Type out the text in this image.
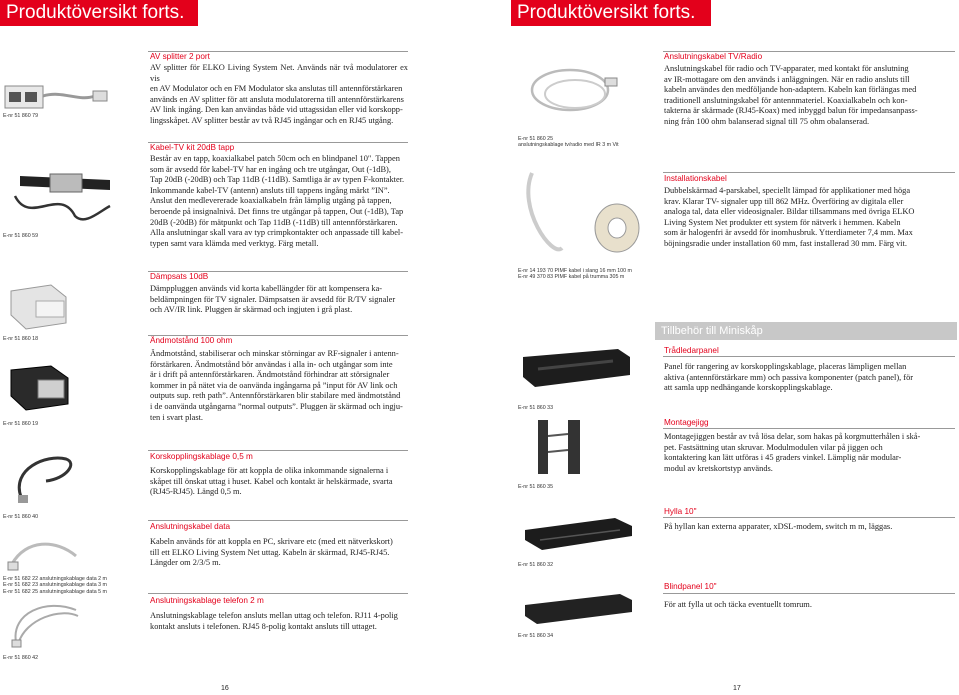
Produktöversikt forts.	Produktöversikt forts.
E-nr 51 860 79
E-nr 51 860 59
E-nr 51 860 18
E-nr 51 860 19
E-nr 51 860 40
E-nr 51 682 22 anslutningskablage data 2 m
E-nr 51 682 23 anslutningskablage data 3 m
E-nr 51 682 25 anslutningskablage data 5 m
E-nr 51 860 42
AV splitter 2 port
AV splitter för ELKO Living System Net. Används när två modulatorer ex vis
en AV Modulator och en FM Modulator ska anslutas till antennförstärkaren
används en AV splitter för att ansluta modulatorerna till antennförstärkarens
AV link ingång. Den kan användas både vid uttagssidan eller vid korskopp-
lingsskåpet. AV splitter består av två RJ45 ingångar och en RJ45 utgång.
Kabel-TV kit 20dB tapp
Består av en tapp, koaxialkabel patch 50cm och en blindpanel 10". Tappen
som är avsedd för kabel-TV har en ingång och tre utgångar, Out (-1dB),
Tap 20dB (-20dB) och Tap 11dB (-11dB). Samtliga är av typen F-kontakter.
Inkommande kabel-TV (antenn) ansluts till tappens ingång märkt ”IN”.
Anslut den medlevererade koaxialkabeln från lämplig utgång på tappen,
beroende på insignalnivå. Det finns tre utgångar på tappen, Out (-1dB), Tap
20dB (-20dB) för mätpunkt och Tap 11dB (-11dB) till antennförstärkaren.
Alla anslutningar skall vara av typ crimpkontakter och anpassade till kabel-
typen samt vara klämda med verktyg. Färg metall.
Dämpsats 10dB
Dämppluggen används vid korta kabellängder för att kompensera ka-
beldämpningen för TV signaler. Dämpsatsen är avsedd för R/TV signaler
och AV/IR link. Pluggen är skärmad och ingjuten i grå plast.
Ändmotstånd 100 ohm
Ändmotstånd, stabiliserar och minskar störningar av RF-signaler i antenn-
förstärkaren. Ändmotstånd bör användas i alla in- och utgångar som inte
är i drift på antennförstärkaren. Ändmotstånd förhindrar att störsignaler
kommer in på nätet via de oanvända ingångarna på ”input för AV link och
outputs sup. reth path”. Antennförstärkaren blir stabilare med ändmotstånd
i de oanvända utgångarna ”normal outputs”. Pluggen är skärmad och ingju-
ten i svart plast.
Korskopplingskablage 0,5 m
Korskopplingskablage för att koppla de olika inkommande signalerna i
skåpet till önskat uttag i huset. Kabel och kontakt är helskärmade, svarta
(RJ45-RJ45). Längd 0,5 m.
Anslutningskabel data
Kabeln används för att koppla en PC, skrivare etc (med ett nätverkskort)
till ett ELKO Living System Net uttag. Kabeln är skärmad, RJ45-RJ45.
Längder om 2/3/5 m.
Anslutningskablage telefon 2 m
Anslutningskablage telefon ansluts mellan uttag och telefon. RJ11 4-polig
kontakt ansluts i telefonen. RJ45 8-polig kontakt ansluts till uttaget.
16
E-nr 51 860 25
anslutningskablage tv/radio med IR 3 m Vit
E-nr 14 193 70 PIMF kabel i slang 16 mm 100 m
E-nr 49 370 83 PIMF kabel på trumma 305 m
E-nr 51 860 33
E-nr 51 860 35
E-nr 51 860 32
E-nr 51 860 34
Anslutningskabel TV/Radio
Anslutningskabel för radio och TV-apparater, med kontakt för anslutning
av IR-mottagare om den används i anläggningen. När en radio ansluts till
kabeln användes den medföljande hon-adaptern. Kabeln kan förlängas med
traditionell anslutningskabel för antennmateriel. Koaxialkabeln och kon-
takterna är skärmade (RJ45-Koax) med inbyggd balun för impedansanpass-
ning från 100 ohm balanserad signal till 75 ohm obalanserad.
Installationskabel
Dubbelskärmad 4-parskabel, speciellt lämpad för applikationer med höga
krav. Klarar TV- signaler upp till 862 MHz. Överföring av digitala eller
analoga tal, data eller videosignaler. Bildar tillsammans med övriga ELKO
Living System Net produkter ett system för nätverk i hemmen. Kabeln
som är halogenfri är avsedd för inomhusbruk. Ytterdiameter 7,4 mm. Max
böjningsradie under installation 60 mm, fast installerad 30 mm. Färg vit.
Tillbehör till Miniskåp
Trådledarpanel
Panel för rangering av korskopplingskablage, placeras lämpligen mellan
aktiva (antennförstärkare mm) och passiva komponenter (patch panel), för
att samla upp nedhängande korskopplingskablage.
Montagejigg
Montagejiggen består av två lösa delar, som hakas på korgmutterhålen i skå-
pet. Fastsättning utan skruvar. Modulmodulen vilar på jiggen och
kontaktering kan lätt utföras i 45 graders vinkel. Lämplig när modular-
modul av kretskortstyp används.
Hylla 10"
På hyllan kan externa apparater, xDSL-modem, switch m m, läggas.
Blindpanel 10"
För att fylla ut och täcka eventuellt tomrum.
17
